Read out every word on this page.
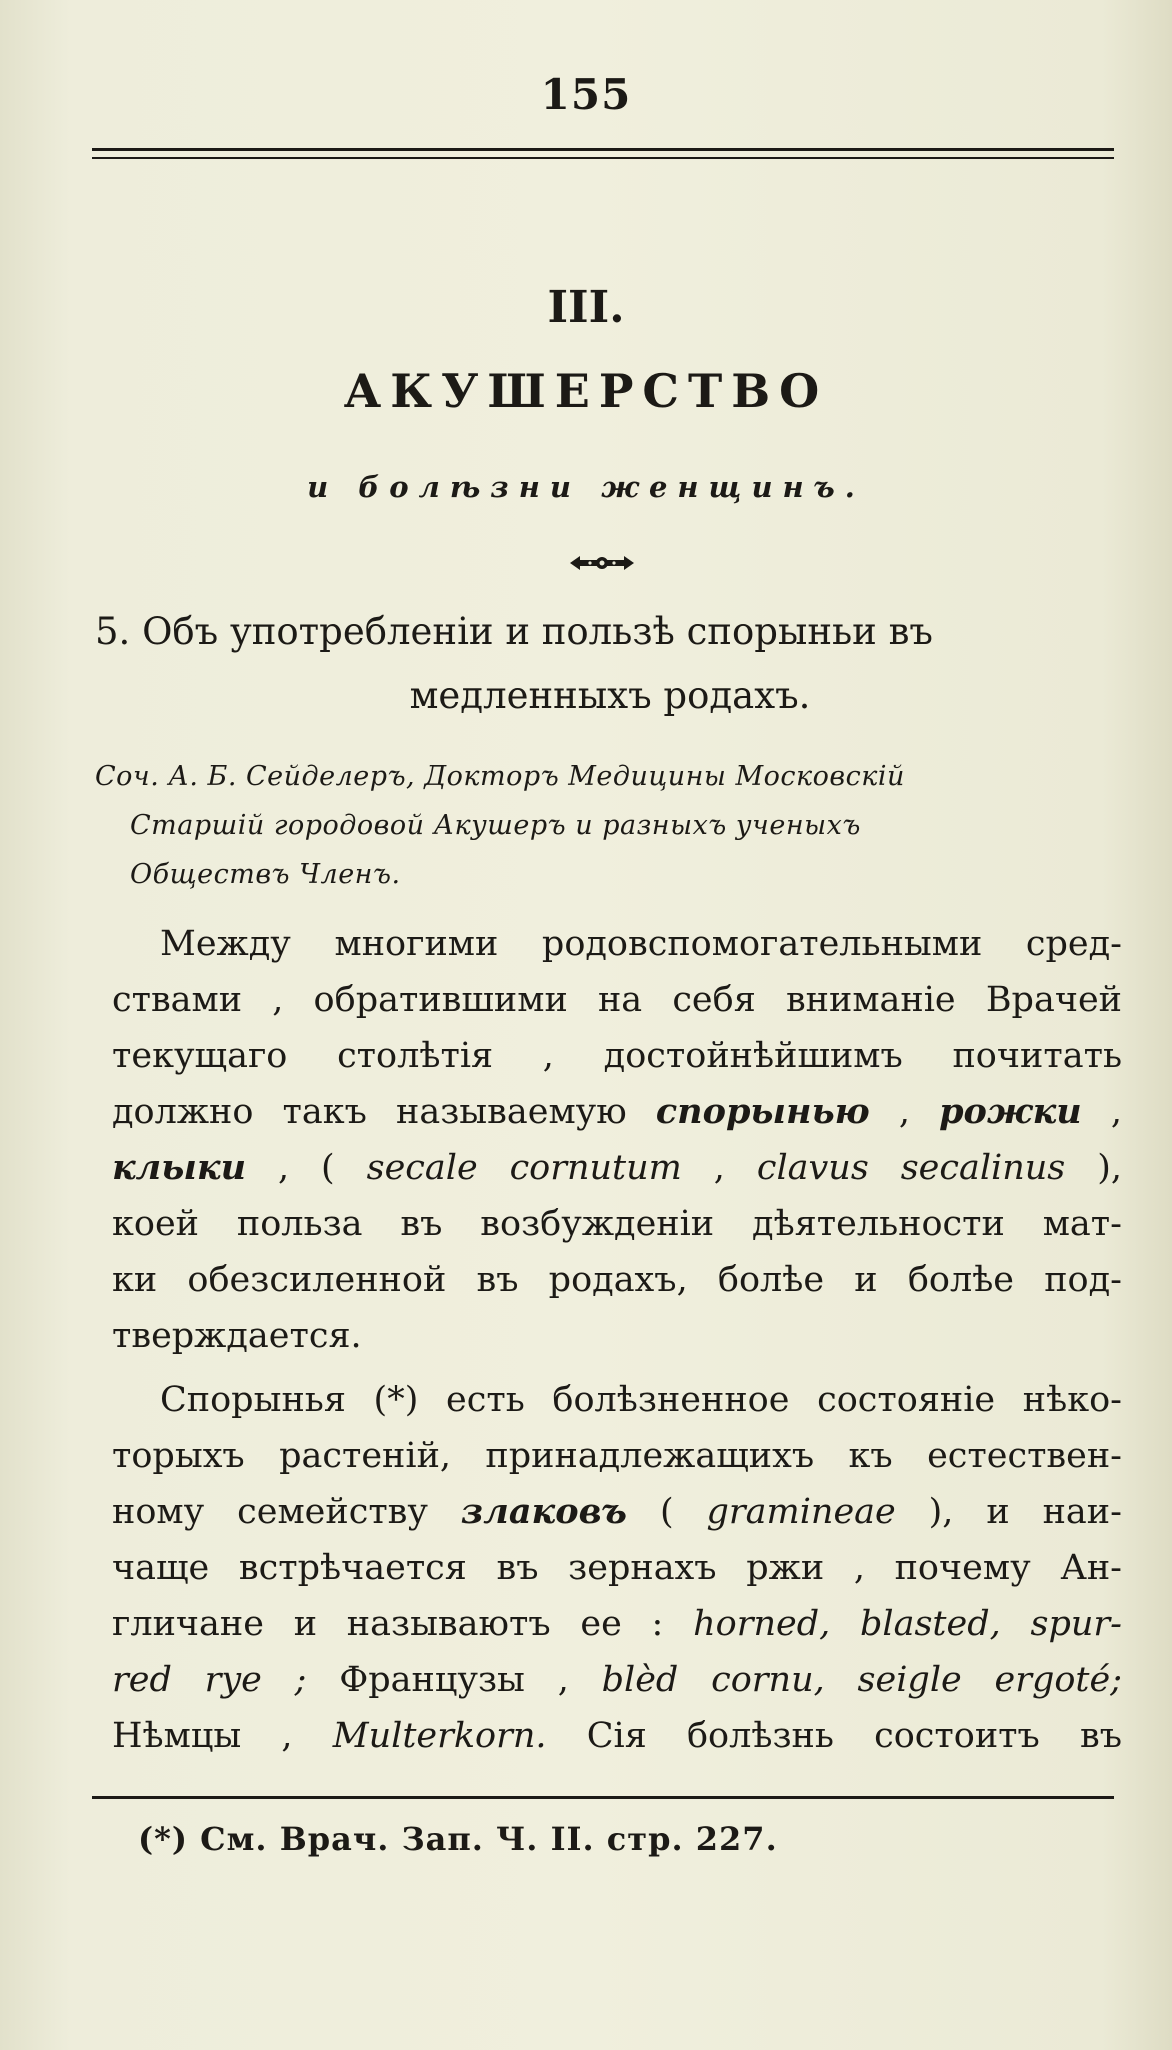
155
III.
АКУШЕРСТВО
и болѣзни женщинъ.
5. Объ употребленіи и пользѣ спорыньи въ
медленныхъ родахъ.
Соч. А. Б. Сейделеръ, Докторъ Медицины Московскій
Старшій городовой Акушеръ и разныхъ ученыхъ
Обществъ Членъ.
Между многими родовспомогательными сред-
ствами , обратившими на себя вниманіе Врачей
текущаго столѣтія , достойнѣйшимъ почитать
должно такъ называемую спорынью , рожки ,
клыки , ( secale cornutum , clavus secalinus ),
коей польза въ возбужденіи дѣятельности мат-
ки обезсиленной въ родахъ, болѣе и болѣе под-
тверждается.
Спорынья (*) есть болѣзненное состояніе нѣко-
торыхъ растеній, принадлежащихъ къ естествен-
ному семейству злаковъ ( gramineae ), и наи-
чаще встрѣчается въ зернахъ ржи , почему Ан-
гличане и называютъ ее : horned, blasted, spur-
red rye ; Французы , blèd cornu, seigle ergoté;
Нѣмцы , Multerkorn. Сія болѣзнь состоитъ въ
(*) См. Врач. Зап. Ч. II. стр. 227.
